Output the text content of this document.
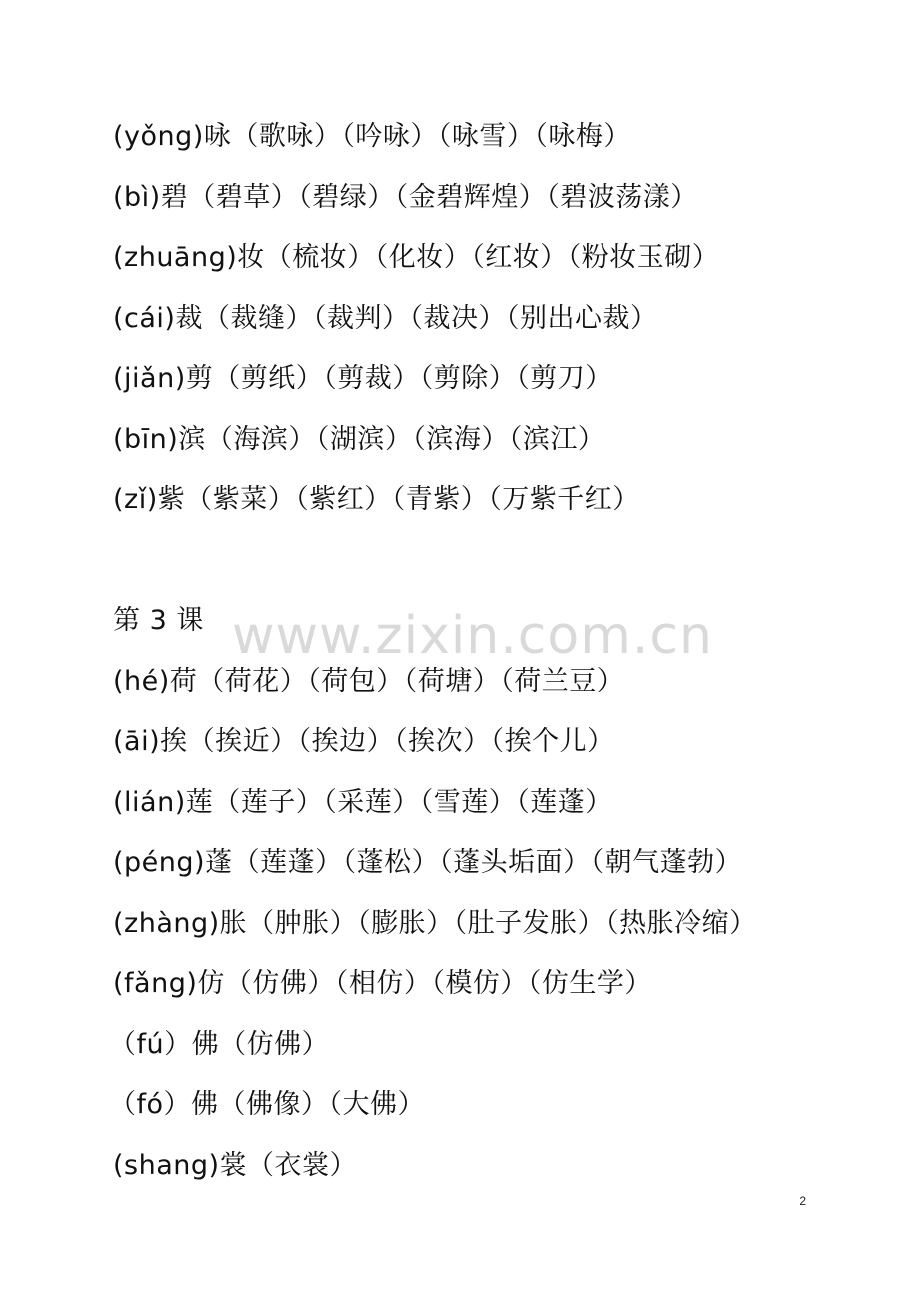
(yǒng)咏（歌咏）（吟咏）（咏雪）（咏梅）
(bì)碧（碧草）（碧绿）（金碧辉煌）（碧波荡漾）
(zhuāng)妆（梳妆）（化妆）（红妆）（粉妆玉砌）
(cái)裁（裁缝）（裁判）（裁决）（别出心裁）
(jiǎn)剪（剪纸）（剪裁）（剪除）（剪刀）
(bīn)滨（海滨）（湖滨）（滨海）（滨江）
(zǐ)紫（紫菜）（紫红）（青紫）（万紫千红）
第 3 课
(hé)荷（荷花）（荷包）（荷塘）（荷兰豆）
(āi)挨（挨近）（挨边）（挨次）（挨个儿）
(lián)莲（莲子）（采莲）（雪莲）（莲蓬）
(péng)蓬（莲蓬）（蓬松）（蓬头垢面）（朝气蓬勃）
(zhàng)胀（肿胀）（膨胀）（肚子发胀）（热胀冷缩）
(fǎng)仿（仿佛）（相仿）（模仿）（仿生学）
（fú）佛（仿佛）
（fó）佛（佛像）（大佛）
(shang)裳（衣裳）
www.zixin.com.cn
2
